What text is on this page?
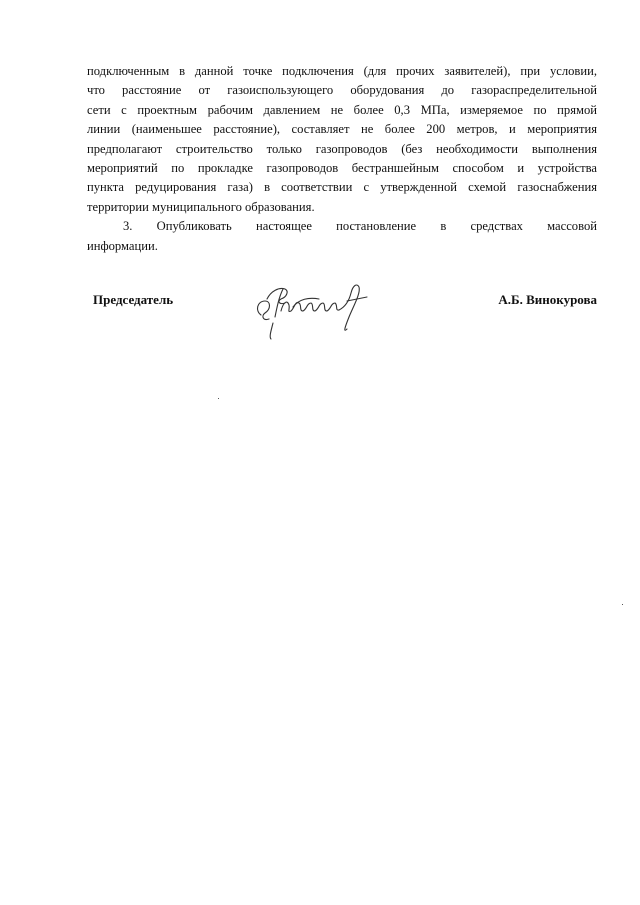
подключенным в данной точке подключения (для прочих заявителей), при условии,
что расстояние от газоиспользующего оборудования до газораспределительной
сети с проектным рабочим давлением не более 0,3 МПа, измеряемое по прямой
линии (наименьшее расстояние), составляет не более 200 метров, и мероприятия
предполагают строительство только газопроводов (без необходимости выполнения
мероприятий по прокладке газопроводов бестраншейным способом и устройства
пункта редуцирования газа) в соответствии с утвержденной схемой газоснабжения
территории муниципального образования.
3. Опубликовать настоящее постановление в средствах массовой
информации.
Председатель	А.Б. Винокурова
